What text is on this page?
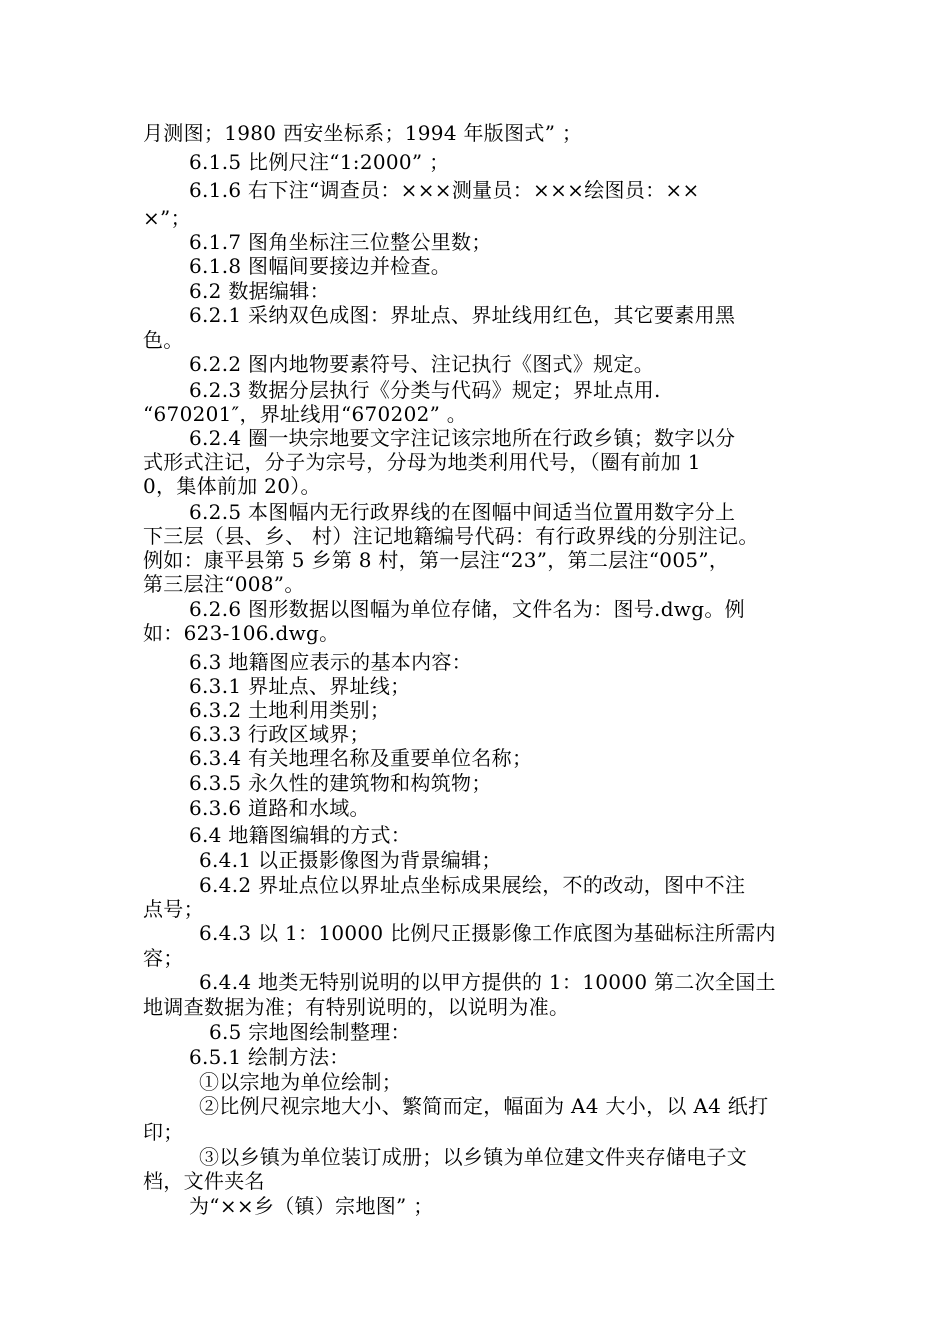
月测图；1980 西安坐标系；1994 年版图式” ；
6.1.5 比例尺注“1:2000” ；
6.1.6 右下注“调查员：×××测量员：×××绘图员：××
×”；
6.1.7 图角坐标注三位整公里数；
6.1.8 图幅间要接边并检查。
6.2 数据编辑：
6.2.1 采纳双色成图：界址点、界址线用红色，其它要素用黑
色。
6.2.2 图内地物要素符号、注记执行《图式》规定。
6.2.3 数据分层执行《分类与代码》规定；界址点用.
“670201″，界址线用“670202” 。
6.2.4 圈一块宗地要文字注记该宗地所在行政乡镇；数字以分
式形式注记，分子为宗号，分母为地类利用代号，（圈有前加 1
0，集体前加 20）。
6.2.5 本图幅内无行政界线的在图幅中间适当位置用数字分上
下三层（县、乡、 村）注记地籍编号代码：有行政界线的分别注记。
例如：康平县第 5 乡第 8 村，第一层注“23”，第二层注“005”，
第三层注“008”。
6.2.6 图形数据以图幅为单位存储，文件名为：图号.dwg。例
如：623-106.dwg。
6.3 地籍图应表示的基本内容：
6.3.1 界址点、界址线；
6.3.2 土地利用类别；
6.3.3 行政区域界；
6.3.4 有关地理名称及重要单位名称；
6.3.5 永久性的建筑物和构筑物；
6.3.6 道路和水域。
6.4 地籍图编辑的方式：
6.4.1 以正摄影像图为背景编辑；
6.4.2 界址点位以界址点坐标成果展绘，不的改动，图中不注
点号；
6.4.3 以 1：10000 比例尺正摄影像工作底图为基础标注所需内
容；
6.4.4 地类无特别说明的以甲方提供的 1：10000 第二次全国土
地调查数据为准；有特别说明的，以说明为准。
6.5 宗地图绘制整理：
6.5.1 绘制方法：
①以宗地为单位绘制；
②比例尺视宗地大小、繁简而定，幅面为 A4 大小，以 A4 纸打
印；
③以乡镇为单位装订成册；以乡镇为单位建文件夹存储电子文
档，文件夹名
为“××乡（镇）宗地图” ；
